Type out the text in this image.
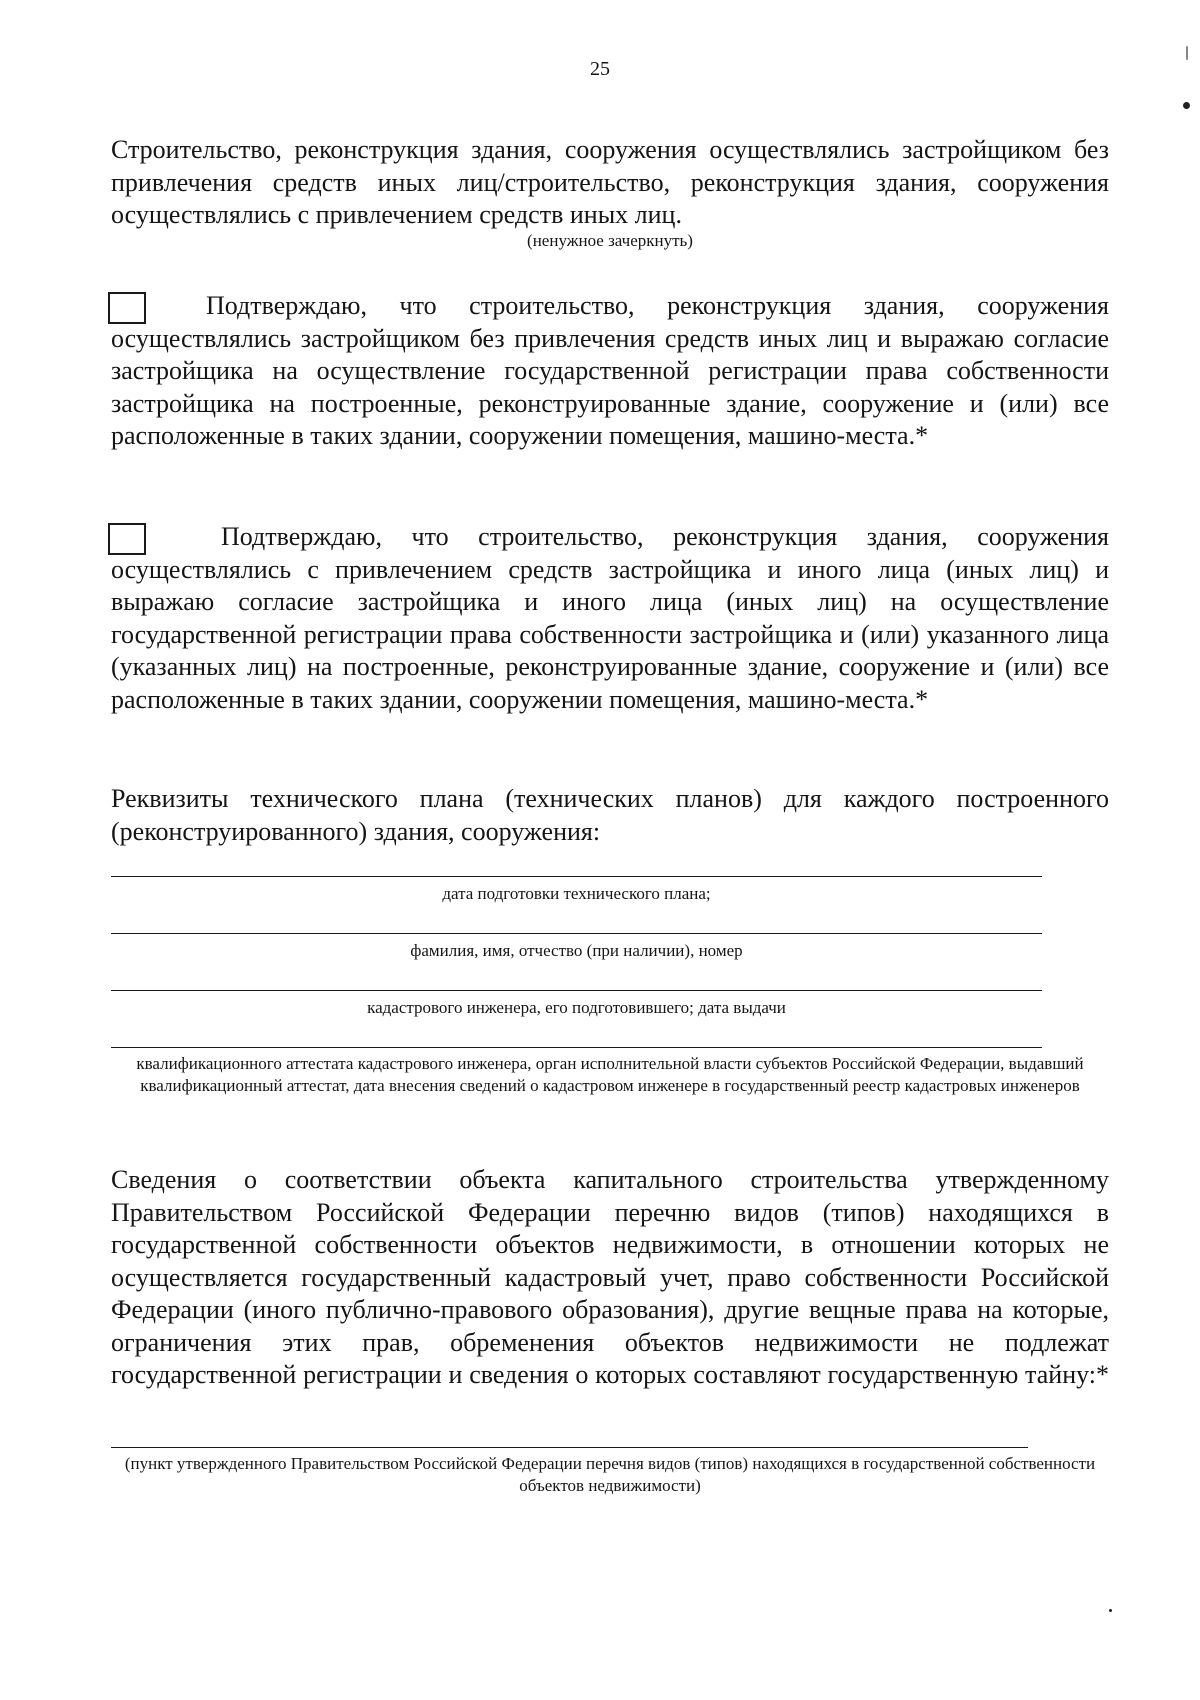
25

Строительство, реконструкция здания, сооружения осуществлялись застройщиком без привлечения средств иных лиц/строительство, реконструкция здания, сооружения осуществлялись с привлечением средств иных лиц.

(ненужное зачеркнуть)

Подтверждаю, что строительство, реконструкция здания, сооружения осуществлялись застройщиком без привлечения средств иных лиц и выражаю согласие застройщика на осуществление государственной регистрации права собственности застройщика на построенные, реконструированные здание, сооружение и (или) все расположенные в таких здании, сооружении помещения, машино-места.*

Подтверждаю, что строительство, реконструкция здания, сооружения осуществлялись с привлечением средств застройщика и иного лица (иных лиц) и выражаю согласие застройщика и иного лица (иных лиц) на осуществление государственной регистрации права собственности застройщика и (или) указанного лица (указанных лиц) на построенные, реконструированные здание, сооружение и (или) все расположенные в таких здании, сооружении помещения, машино-места.*

Реквизиты технического плана (технических планов) для каждого построенного (реконструированного) здания, сооружения:

дата подготовки технического плана;

фамилия, имя, отчество (при наличии), номер

кадастрового инженера, его подготовившего; дата выдачи

квалификационного аттестата кадастрового инженера, орган исполнительной власти субъектов Российской Федерации, выдавший квалификационный аттестат, дата внесения сведений о кадастровом инженере в государственный реестр кадастровых инженеров

Сведения о соответствии объекта капитального строительства утвержденному Правительством Российской Федерации перечню видов (типов) находящихся в государственной собственности объектов недвижимости, в отношении которых не осуществляется государственный кадастровый учет, право собственности Российской Федерации (иного публично-правового образования), другие вещные права на которые, ограничения этих прав, обременения объектов недвижимости не подлежат государственной регистрации и сведения о которых составляют государственную тайну:*

(пункт утвержденного Правительством Российской Федерации перечня видов (типов) находящихся в государственной собственности объектов недвижимости)
